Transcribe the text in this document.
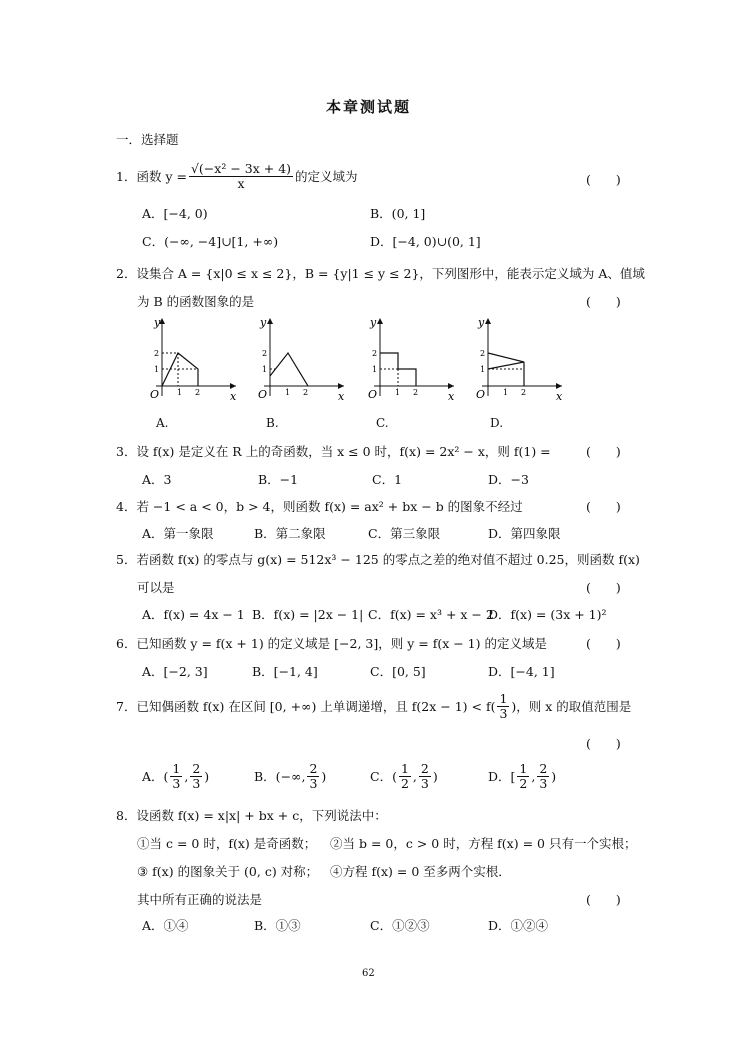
本章测试题
一．选择题
1．函数 $y = \frac{\text{√(−x² − 3x + 4)}}{x}$ 的定义域为	(　　)
A．[−4, 0)	B．(0, 1]
C．(−∞, −4]∪[1, +∞)	D．[−4, 0)∪(0, 1]
2．设集合 A = {x|0 ≤ x ≤ 2}，B = {y|1 ≤ y ≤ 2}，下列图形中，能表示定义域为 A、值域
为 B 的函数图象的是	(　　)
y
x
O
2
1
1 2
A.
y
x
O
2
1
1 2
B.
y
x
O
2
1
1 2
C.
y
x
O
2
1
1 2
D.
3．设 f(x) 是定义在 R 上的奇函数，当 x ≤ 0 时，f(x) = 2x² − x，则 f(1) =	(　　)
A．3	B．−1	C．1	D．−3
4．若 −1 < a < 0，b > 4，则函数 f(x) = ax² + bx − b 的图象不经过	(　　)
A．第一象限	B．第二象限	C．第三象限	D．第四象限
5．若函数 f(x) 的零点与 g(x) = 512x³ − 125 的零点之差的绝对值不超过 0.25，则函数 f(x)
可以是	(　　)
A．f(x) = 4x − 1 B．f(x) = |2x − 1| C．f(x) = x³ + x − 2
D．f(x) = (3x + 1)²
6．已知函数 y = f(x + 1) 的定义域是 [−2, 3]，则 y = f(x − 1) 的定义域是	(　　)
A．[−2, 3]	B．[−1, 4]	C．[0, 5]	D．[−4, 1]
7．已知偶函数 f(x) 在区间 [0, +∞) 上单调递增，且 $f(2x - 1) < f( \frac{1}{3}$ )，则 x 的取值范围是
(　　)
A．( $\frac{1}{3}$ , $\frac{2}{3}$ )	B．(−∞, $\frac{2}{3}$ )	C．( $\frac{1}{2}$ , $\frac{2}{3}$ )	D．[ $\frac{1}{2}$ , $\frac{2}{3}$ )
8．设函数 f(x) = x|x| + bx + c，下列说法中：
①当 c = 0 时，f(x) 是奇函数； ②当 b = 0，c > 0 时，方程 f(x) = 0 只有一个实根；
③ f(x) 的图象关于 (0, c) 对称； ④方程 f(x) = 0 至多两个实根．
其中所有正确的说法是	(　　)
A．①④	B．①③	C．①②③	D．①②④
62
